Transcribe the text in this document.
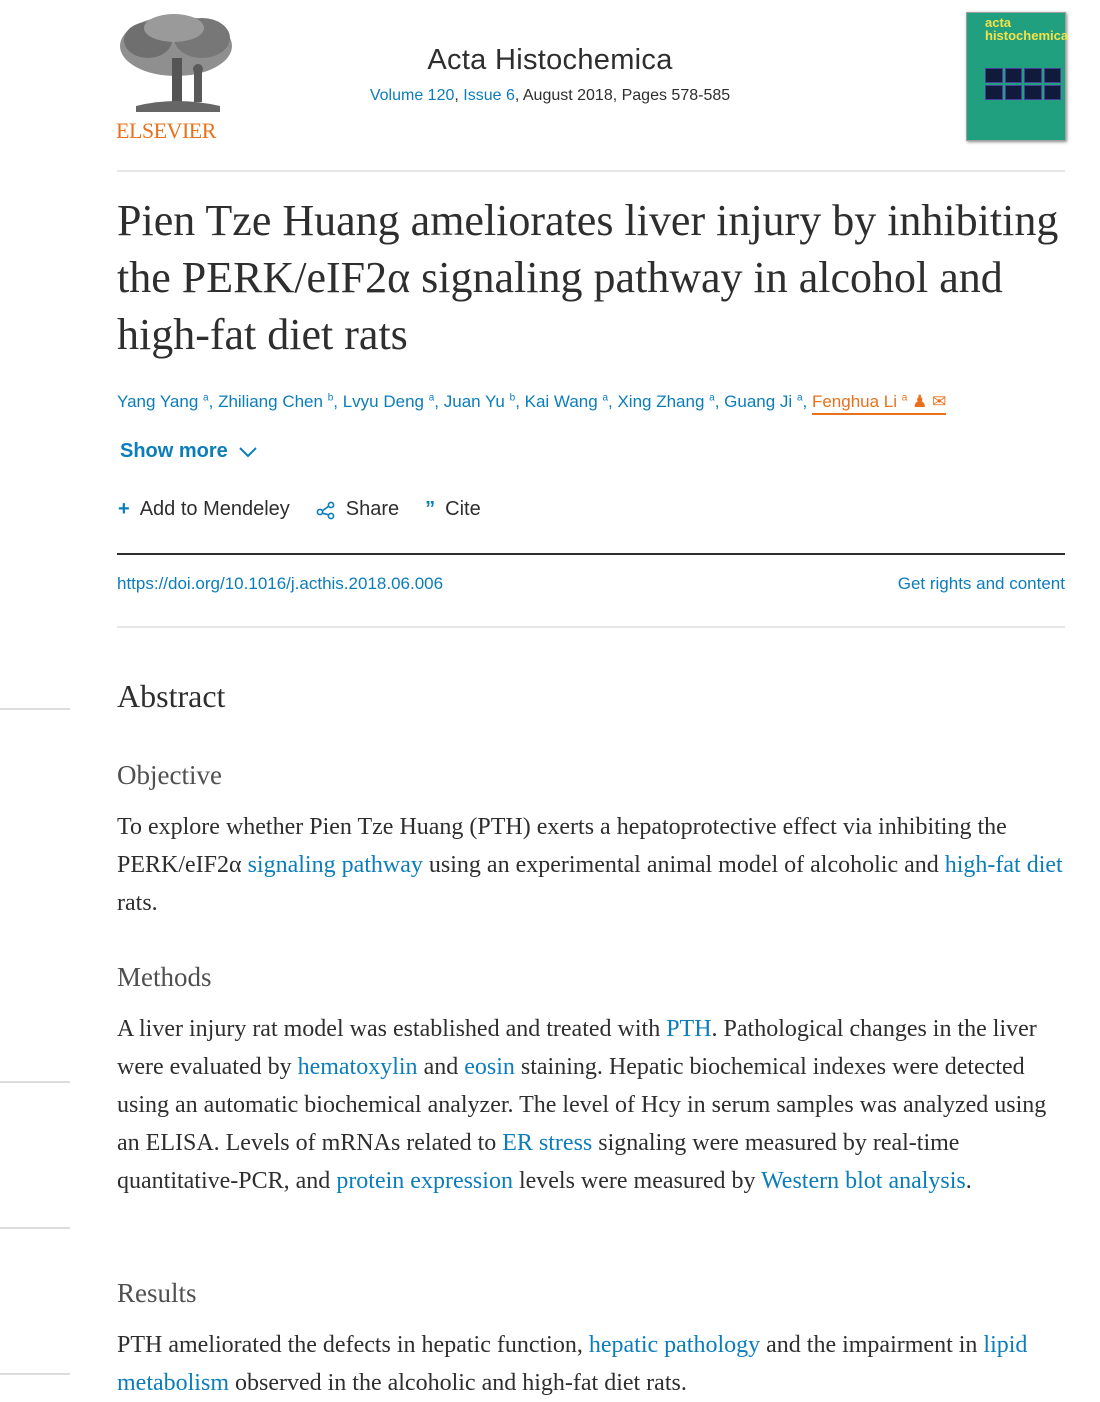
ELSEVIER
Acta Histochemica
Volume 120, Issue 6, August 2018, Pages 578-585
acta
histochemica
Pien Tze Huang ameliorates liver injury by inhibiting the PERK/eIF2α signaling pathway in alcohol and high-fat diet rats
Yang Yang $^a$, Zhiliang Chen $^b$, Lvyu Deng $^a$, Juan Yu $^b$, Kai Wang $^a$, Xing Zhang $^a$, Guang Ji $^a$, Fenghua Li $^a$ ♟ ✉
Show more
+ Add to Mendeley	Share ” Cite
https://doi.org/10.1016/j.acthis.2018.06.006	Get rights and content
Abstract
Objective

To explore whether Pien Tze Huang (PTH) exerts a hepatoprotective effect via inhibiting the PERK/eIF2α signaling pathway using an experimental animal model of alcoholic and high-fat diet rats.

Methods

A liver injury rat model was established and treated with PTH. Pathological changes in the liver were evaluated by hematoxylin and eosin staining. Hepatic biochemical indexes were detected using an automatic biochemical analyzer. The level of Hcy in serum samples was analyzed using an ELISA. Levels of mRNAs related to ER stress signaling were measured by real-time quantitative-PCR, and protein expression levels were measured by Western blot analysis.

Results

PTH ameliorated the defects in hepatic function, hepatic pathology and the impairment in lipid metabolism observed in the alcoholic and high-fat diet rats.
